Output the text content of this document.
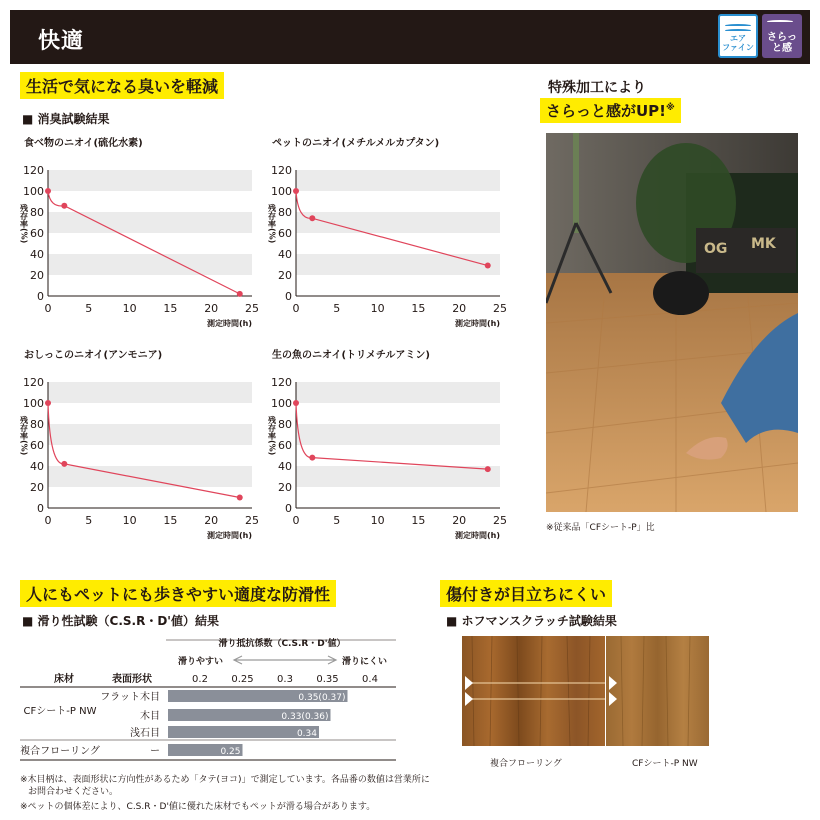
快適	エア
ファイン
さらっ
と感
生活で気になる臭いを軽減
■ 消臭試験結果
食べ物のニオイ(硫化水素)
0
20
40
60
80
100
120
0	5	10 15 20 25
測定時間(h)
残存率(%)
ペットのニオイ(メチルメルカプタン)
0
20
40
60
80
100
120
0	5	10 15 20 25
測定時間(h)
残存率(%)
おしっこのニオイ(アンモニア)
0
20
40
60
80
100
120
0	5	10 15 20 25
測定時間(h)
残存率(%)
生の魚のニオイ(トリメチルアミン)
0
20
40
60
80
100
120
0	5	10 15 20 25
測定時間(h)
残存率(%)
特殊加工により
さらっと感がUP!※
OG MK
※従来品「CFシート-P」比
人にもペットにも歩きやすい適度な防滑性
■ 滑り性試験（C.S.R・D'値）結果
滑り抵抗係数（C.S.R・D'値）
滑りやすい	滑りにくい
床材	表面形状	0.2 0.25 0.3 0.35 0.4
CFシート-P NW
フラット木目	0.35(0.37)
木目	0.33(0.36)
浅石目	0.34
複合フローリング	ー	0.25
※木目柄は、表面形状に方向性があるため「タテ(ヨコ)」で測定しています。各品番の数値は営業所に
お問合わせください。
※ペットの個体差により、C.S.R・D'値に優れた床材でもペットが滑る場合があります。
傷付きが目立ちにくい
■ ホフマンスクラッチ試験結果
複合フローリング	CFシート-P NW
